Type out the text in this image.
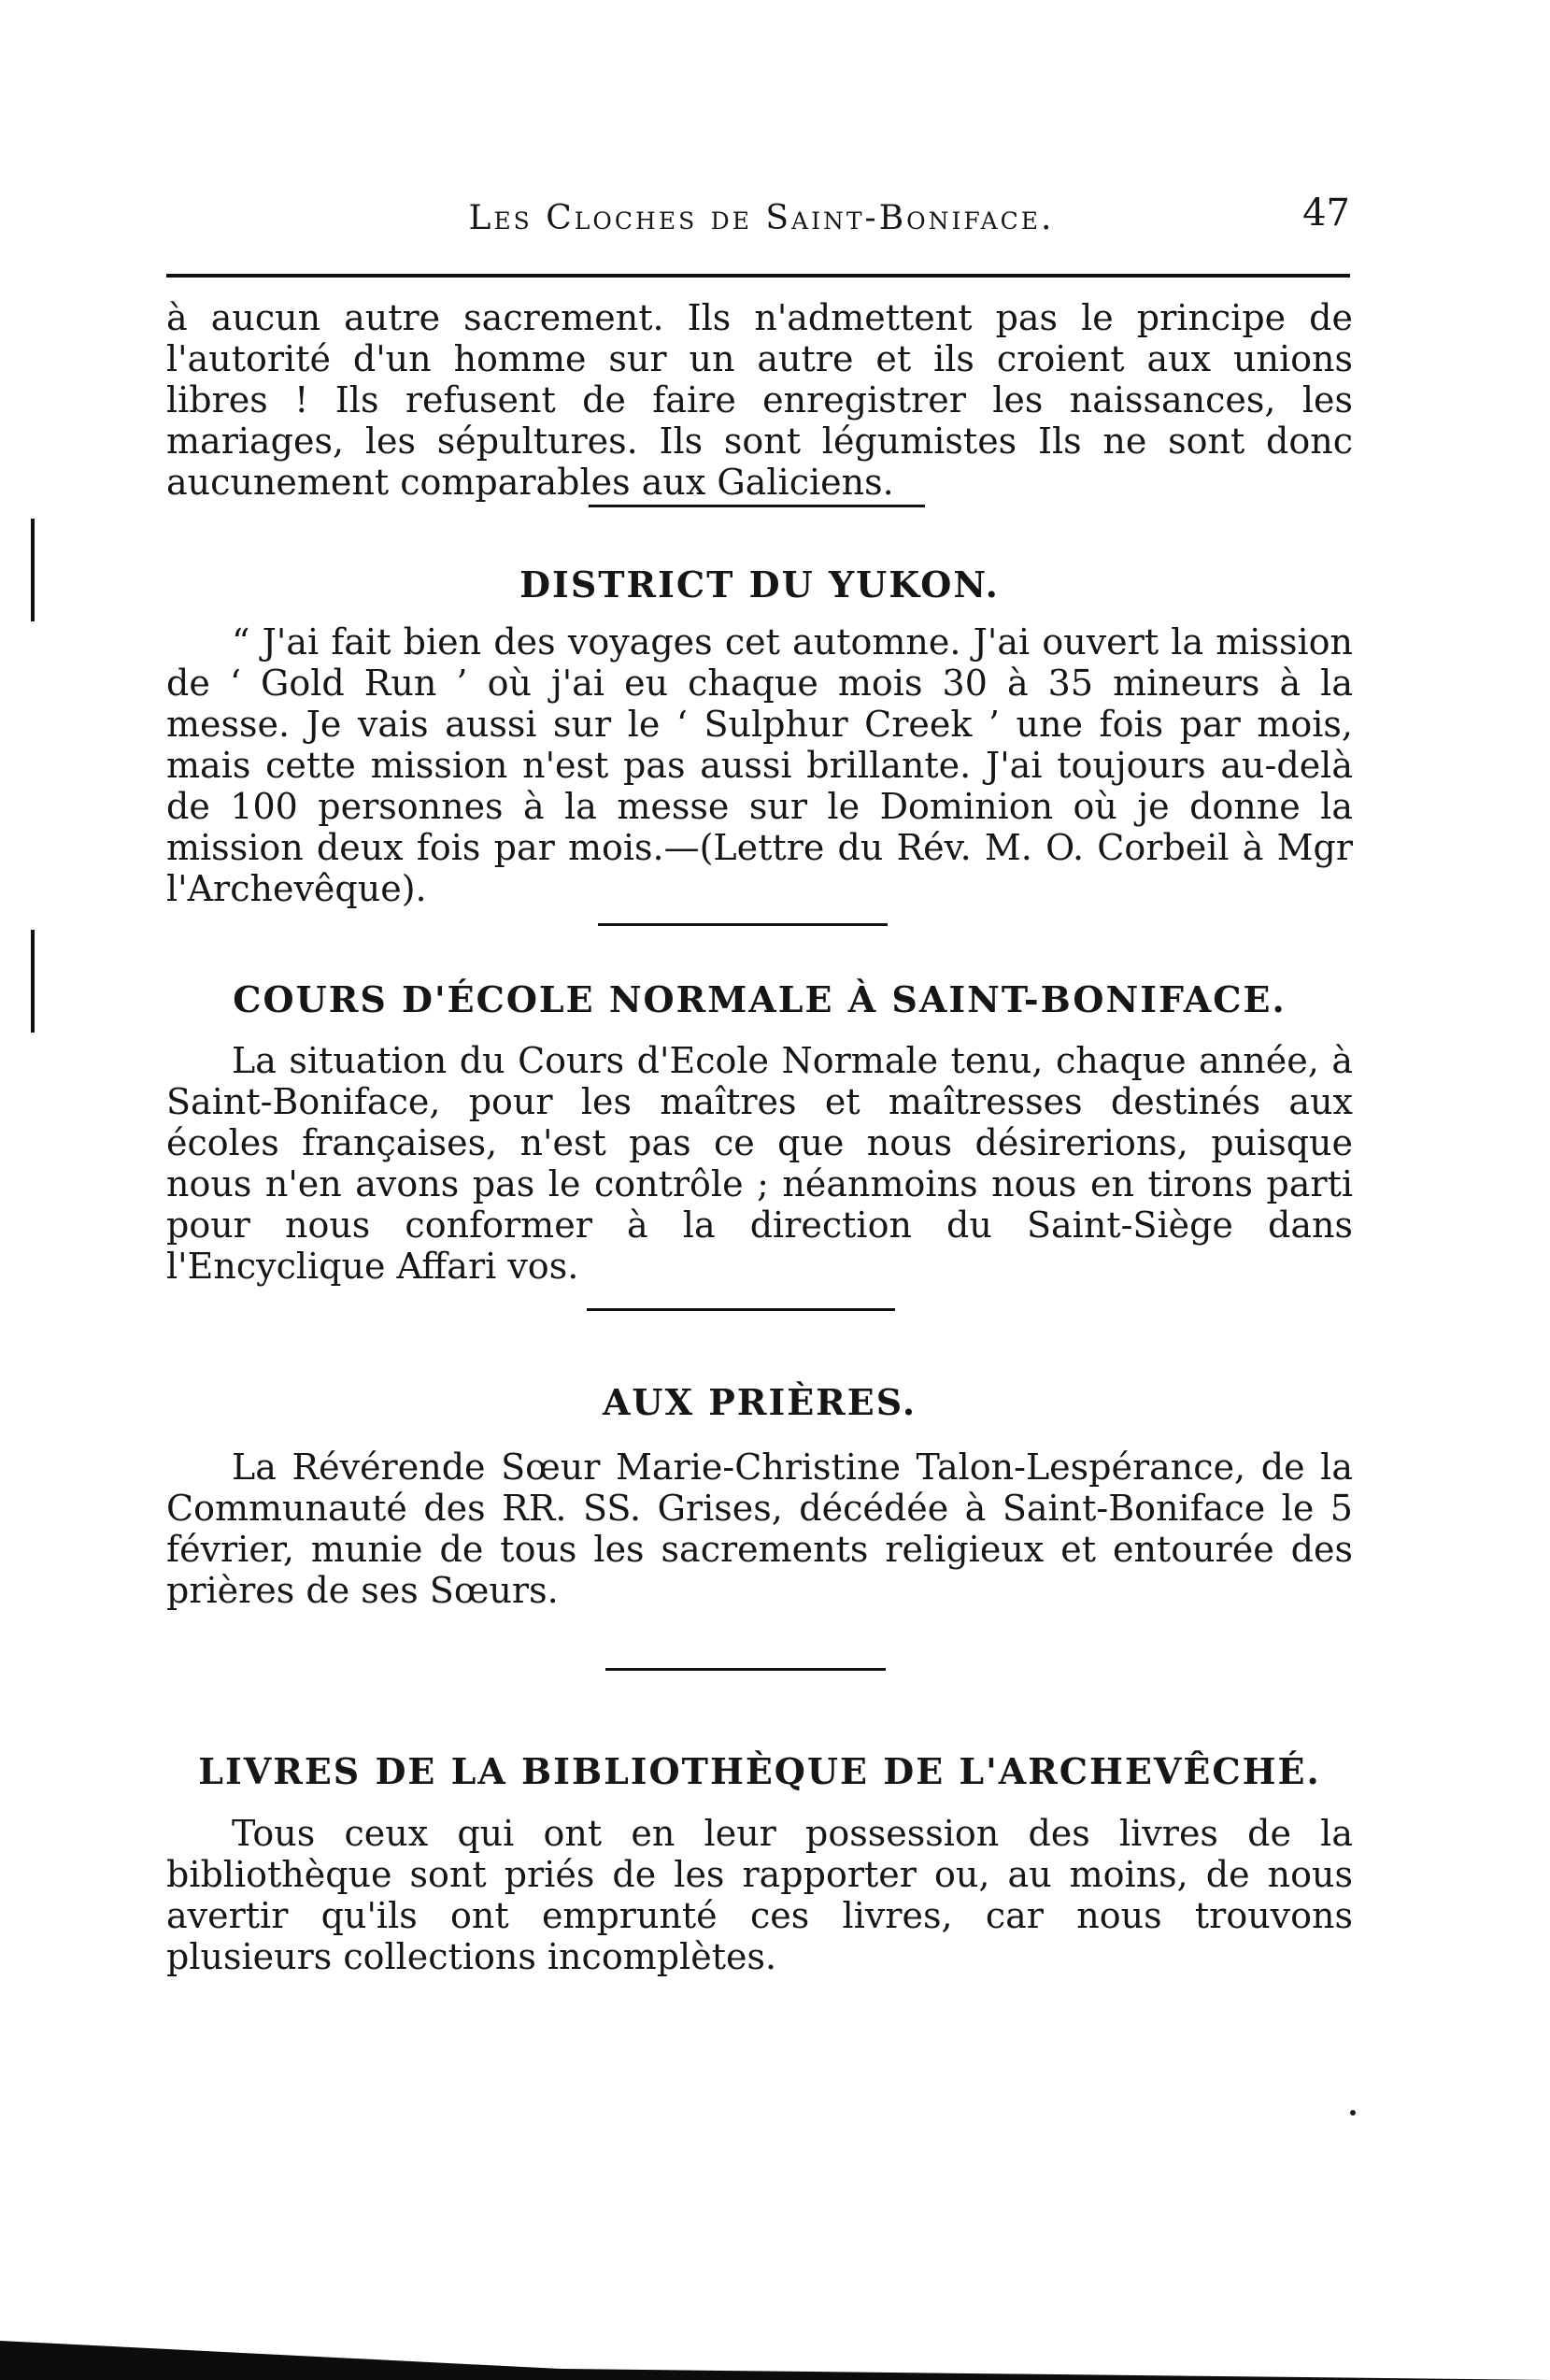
Les Cloches de Saint-Boniface.	47

à aucun autre sacrement. Ils n'admettent pas le principe de l'autorité d'un homme sur un autre et ils croient aux unions libres ! Ils refusent de faire enregistrer les naissances, les mariages, les sépultures. Ils sont légumistes Ils ne sont donc aucunement comparables aux Galiciens.

DISTRICT DU YUKON.

“ J'ai fait bien des voyages cet automne. J'ai ouvert la mission de ‘ Gold Run ’ où j'ai eu chaque mois 30 à 35 mineurs à la messe. Je vais aussi sur le ‘ Sulphur Creek ’ une fois par mois, mais cette mission n'est pas aussi brillante. J'ai toujours au-delà de 100 personnes à la messe sur le Dominion où je donne la mission deux fois par mois.—(Lettre du Rév. M. O. Corbeil à Mgr l'Archevêque).

COURS D'ÉCOLE NORMALE À SAINT-BONIFACE.

La situation du Cours d'Ecole Normale tenu, chaque année, à Saint-Boniface, pour les maîtres et maîtresses destinés aux écoles françaises, n'est pas ce que nous désirerions, puisque nous n'en avons pas le contrôle ; néanmoins nous en tirons parti pour nous conformer à la direction du Saint-Siège dans l'Encyclique Affari vos.

AUX PRIÈRES.

La Révérende Sœur Marie-Christine Talon-Lespérance, de la Communauté des RR. SS. Grises, décédée à Saint-Boniface le 5 février, munie de tous les sacrements religieux et entourée des prières de ses Sœurs.

LIVRES DE LA BIBLIOTHÈQUE DE L'ARCHEVÊCHÉ.

Tous ceux qui ont en leur possession des livres de la bibliothèque sont priés de les rapporter ou, au moins, de nous avertir qu'ils ont emprunté ces livres, car nous trouvons plusieurs collections incomplètes.
